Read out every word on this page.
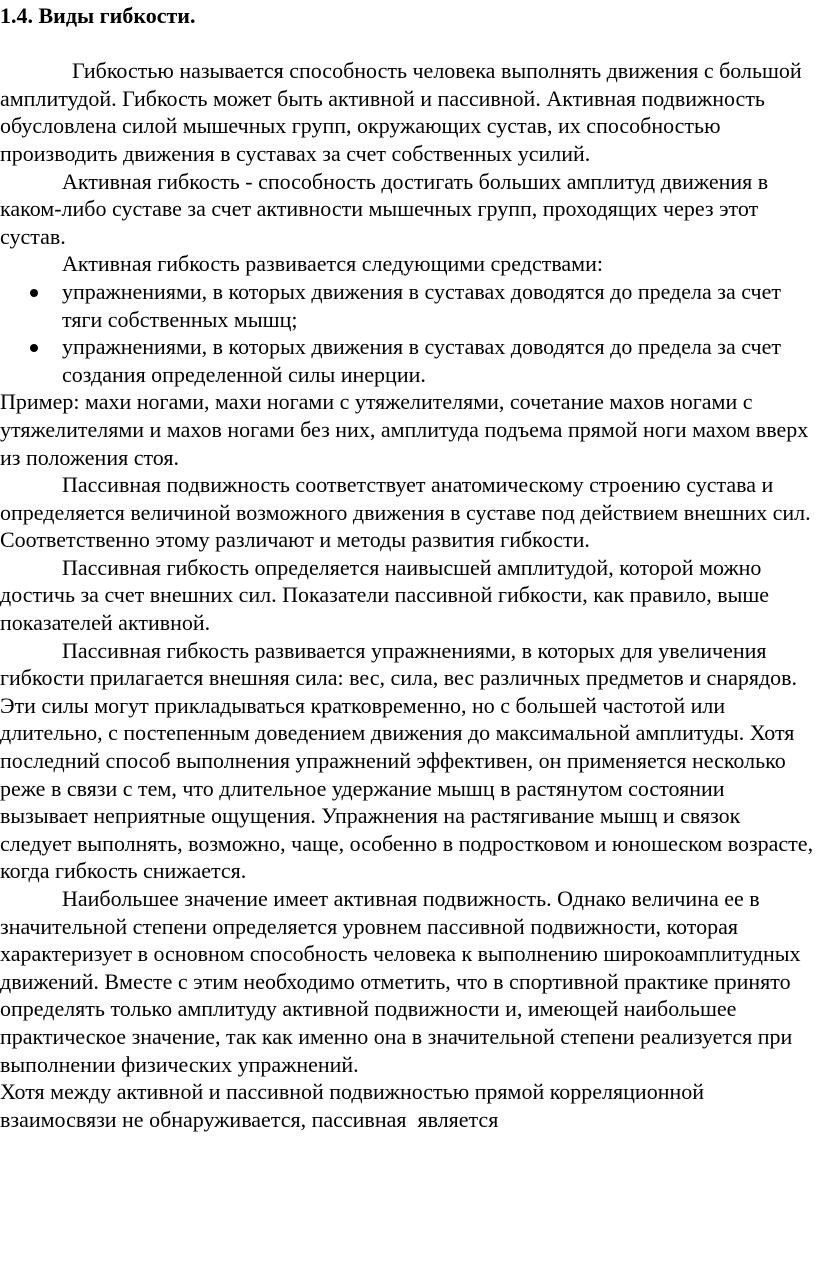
1.4. Виды гибкости.

Гибкостью называется способность человека выполнять движения с большой амплитудой. Гибкость может быть активной и пассивной. Активная подвижность обусловлена силой мышечных групп, окружающих сустав, их способностью производить движения в суставах за счет собственных усилий.

Активная гибкость - способность достигать больших амплитуд движения в каком-либо суставе за счет активности мышечных групп, проходящих через этот сустав.

Активная гибкость развивается следующими средствами:

упражнениями, в которых движения в суставах доводятся до предела за счет тяги собственных мышц;
упражнениями, в которых движения в суставах доводятся до предела за счет создания определенной силы инерции.

Пример: махи ногами, махи ногами с утяжелителями, сочетание махов ногами с утяжелителями и махов ногами без них, амплитуда подъема прямой ноги махом вверх из положения стоя.

Пассивная подвижность соответствует анатомическому строению сустава и определяется величиной возможного движения в суставе под действием внешних сил. Соответственно этому различают и методы развития гибкости.

Пассивная гибкость определяется наивысшей амплитудой, которой можно достичь за счет внешних сил. Показатели пассивной гибкости, как правило, выше показателей активной.

Пассивная гибкость развивается упражнениями, в которых для увеличения гибкости прилагается внешняя сила: вес, сила, вес различных предметов и снарядов. Эти силы могут прикладываться кратковременно, но с большей частотой или длительно, с постепенным доведением движения до максимальной амплитуды. Хотя последний способ выполнения упражнений эффективен, он применяется несколько реже в связи с тем, что длительное удержание мышц в растянутом состоянии вызывает неприятные ощущения. Упражнения на растягивание мышц и связок следует выполнять, возможно, чаще, особенно в подростковом и юношеском возрасте, когда гибкость снижается.

Наибольшее значение имеет активная подвижность. Однако величина ее в значительной степени определяется уровнем пассивной подвижности, которая характеризует в основном способность человека к выполнению широкоамплитудных движений. Вместе с этим необходимо отметить, что в спортивной практике принято определять только амплитуду активной подвижности и, имеющей наибольшее практическое значение, так как именно она в значительной степени реализуется при выполнении физических упражнений.

Хотя между активной и пассивной подвижностью прямой корреляционной
взаимосвязи не обнаруживается, пассивная  является
